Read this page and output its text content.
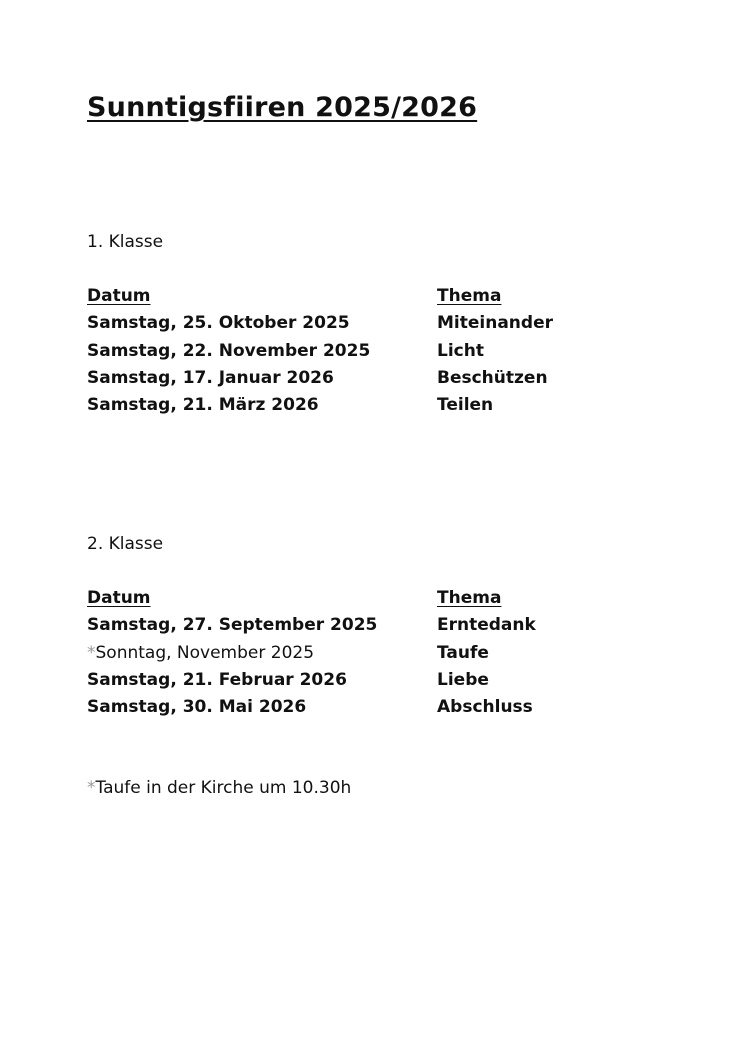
Sunntigsfiiren 2025/2026
1. Klasse
Datum	Thema
Samstag, 25. Oktober 2025	Miteinander
Samstag, 22. November 2025	Licht
Samstag, 17. Januar 2026	Beschützen
Samstag, 21. März 2026	Teilen
2. Klasse
Datum	Thema
Samstag, 27. September 2025	Erntedank
*Sonntag, November 2025	Taufe
Samstag, 21. Februar 2026	Liebe
Samstag, 30. Mai 2026	Abschluss
*Taufe in der Kirche um 10.30h
